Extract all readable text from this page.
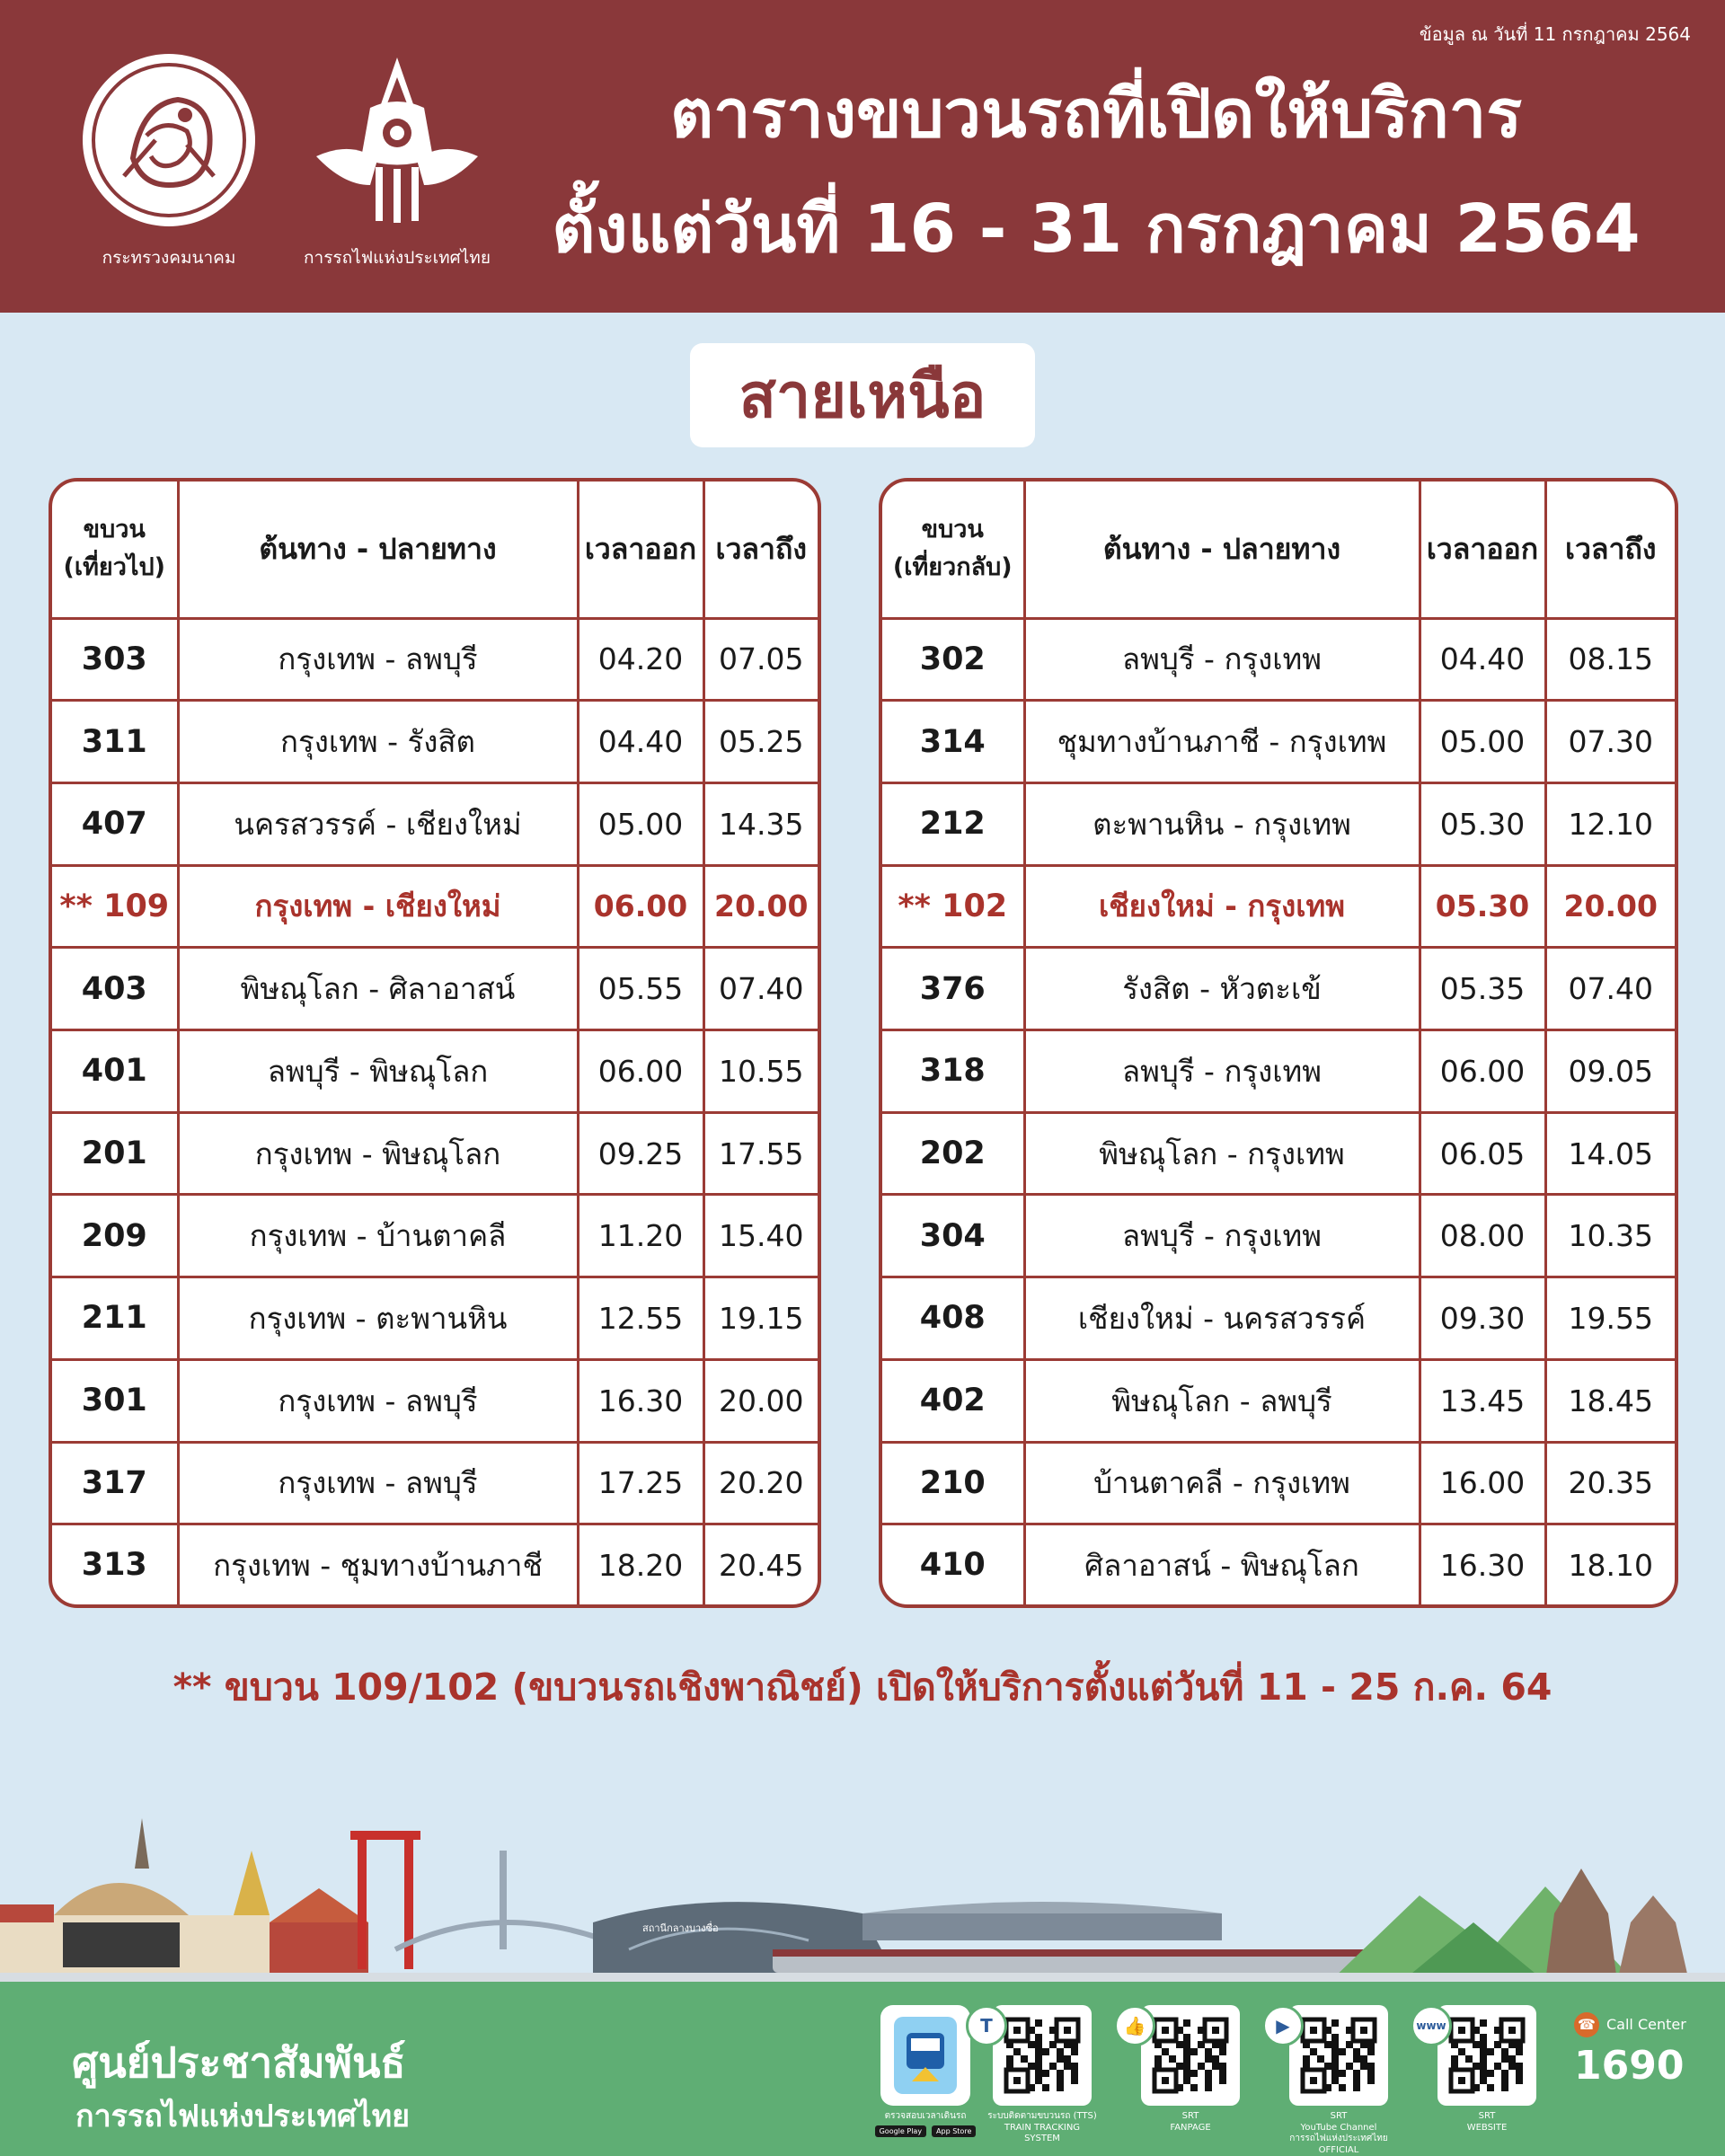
ข้อมูล ณ วันที่ 11 กรกฎาคม 2564
กระทรวงคมนาคม	การรถไฟแห่งประเทศไทย
ตารางขบวนรถที่เปิดให้บริการ
ตั้งแต่วันที่ 16 - 31 กรกฎาคม 2564
สายเหนือ
ขบวน
(เที่ยวไป)	ต้นทาง - ปลายทาง	เวลาออก	เวลาถึง
303	กรุงเทพ - ลพบุรี	04.20	07.05
311	กรุงเทพ - รังสิต	04.40	05.25
407	นครสวรรค์ - เชียงใหม่	05.00	14.35
** 109	กรุงเทพ - เชียงใหม่	06.00	20.00
403	พิษณุโลก - ศิลาอาสน์	05.55	07.40
401	ลพบุรี - พิษณุโลก	06.00	10.55
201	กรุงเทพ - พิษณุโลก	09.25	17.55
209	กรุงเทพ - บ้านตาคลี	11.20	15.40
211	กรุงเทพ - ตะพานหิน	12.55	19.15
301	กรุงเทพ - ลพบุรี	16.30	20.00
317	กรุงเทพ - ลพบุรี	17.25	20.20
313	กรุงเทพ - ชุมทางบ้านภาชี	18.20	20.45
ขบวน
(เที่ยวกลับ)	ต้นทาง - ปลายทาง	เวลาออก	เวลาถึง
302	ลพบุรี - กรุงเทพ	04.40	08.15
314	ชุมทางบ้านภาชี - กรุงเทพ	05.00	07.30
212	ตะพานหิน - กรุงเทพ	05.30	12.10
** 102	เชียงใหม่ - กรุงเทพ	05.30	20.00
376	รังสิต - หัวตะเข้	05.35	07.40
318	ลพบุรี - กรุงเทพ	06.00	09.05
202	พิษณุโลก - กรุงเทพ	06.05	14.05
304	ลพบุรี - กรุงเทพ	08.00	10.35
408	เชียงใหม่ - นครสวรรค์	09.30	19.55
402	พิษณุโลก - ลพบุรี	13.45	18.45
210	บ้านตาคลี - กรุงเทพ	16.00	20.35
410	ศิลาอาสน์ - พิษณุโลก	16.30	18.10
** ขบวน 109/102 (ขบวนรถเชิงพาณิชย์) เปิดให้บริการตั้งแต่วันที่ 11 - 25 ก.ค. 64
สถานีกลางบางซื่อ
ศูนย์ประชาสัมพันธ์
การรถไฟแห่งประเทศไทย	ตรวจสอบเวลาเดินรถ
Google Play	App Store
T
ระบบติดตามขบวนรถ (TTS)
TRAIN TRACKING
SYSTEM
👍
SRT
FANPAGE
▶
SRT
YouTube Channel
การรถไฟแห่งประเทศไทย OFFICIAL
www
SRT
WEBSITE
☎ Call Center
1690
